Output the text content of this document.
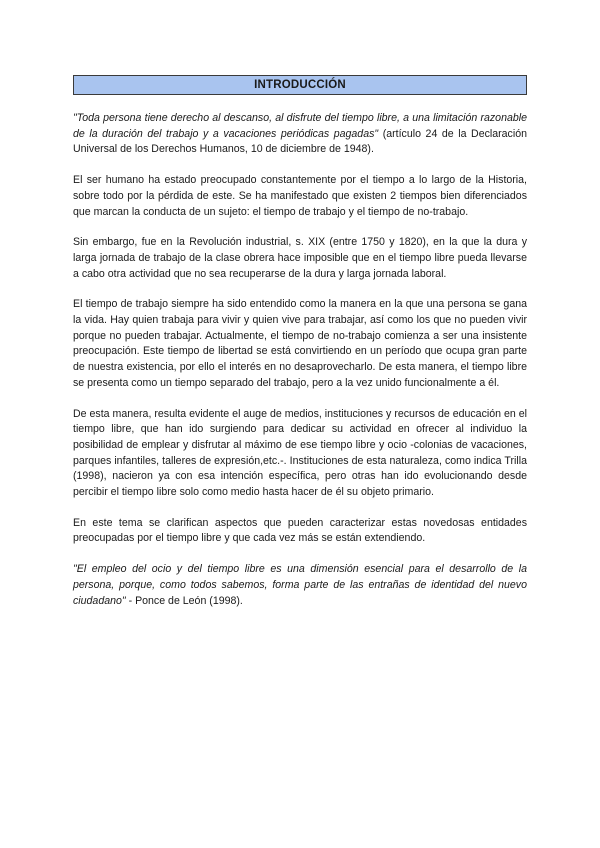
INTRODUCCIÓN

"Toda persona tiene derecho al descanso, al disfrute del tiempo libre, a una limitación razonable de la duración del trabajo y a vacaciones periódicas pagadas" (artículo 24 de la Declaración Universal de los Derechos Humanos, 10 de diciembre de 1948).

El ser humano ha estado preocupado constantemente por el tiempo a lo largo de la Historia, sobre todo por la pérdida de este. Se ha manifestado que existen 2 tiempos bien diferenciados que marcan la conducta de un sujeto: el tiempo de trabajo y el tiempo de no-trabajo.

Sin embargo, fue en la Revolución industrial, s. XIX (entre 1750 y 1820), en la que la dura y larga jornada de trabajo de la clase obrera hace imposible que en el tiempo libre pueda llevarse a cabo otra actividad que no sea recuperarse de la dura y larga jornada laboral.

El tiempo de trabajo siempre ha sido entendido como la manera en la que una persona se gana la vida. Hay quien trabaja para vivir y quien vive para trabajar, así como los que no pueden vivir porque no pueden trabajar. Actualmente, el tiempo de no-trabajo comienza a ser una insistente preocupación. Este tiempo de libertad se está convirtiendo en un período que ocupa gran parte de nuestra existencia, por ello el interés en no desaprovecharlo. De esta manera, el tiempo libre se presenta como un tiempo separado del trabajo, pero a la vez unido funcionalmente a él.

De esta manera, resulta evidente el auge de medios, instituciones y recursos de educación en el tiempo libre, que han ido surgiendo para dedicar su actividad en ofrecer al individuo la posibilidad de emplear y disfrutar al máximo de ese tiempo libre y ocio -colonias de vacaciones, parques infantiles, talleres de expresión,etc.-. Instituciones de esta naturaleza, como indica Trilla (1998), nacieron ya con esa intención específica, pero otras han ido evolucionando desde percibir el tiempo libre solo como medio hasta hacer de él su objeto primario.

En este tema se clarifican aspectos que pueden caracterizar estas novedosas entidades preocupadas por el tiempo libre y que cada vez más se están extendiendo.

"El empleo del ocio y del tiempo libre es una dimensión esencial para el desarrollo de la persona, porque, como todos sabemos, forma parte de las entrañas de identidad del nuevo ciudadano" - Ponce de León (1998).
